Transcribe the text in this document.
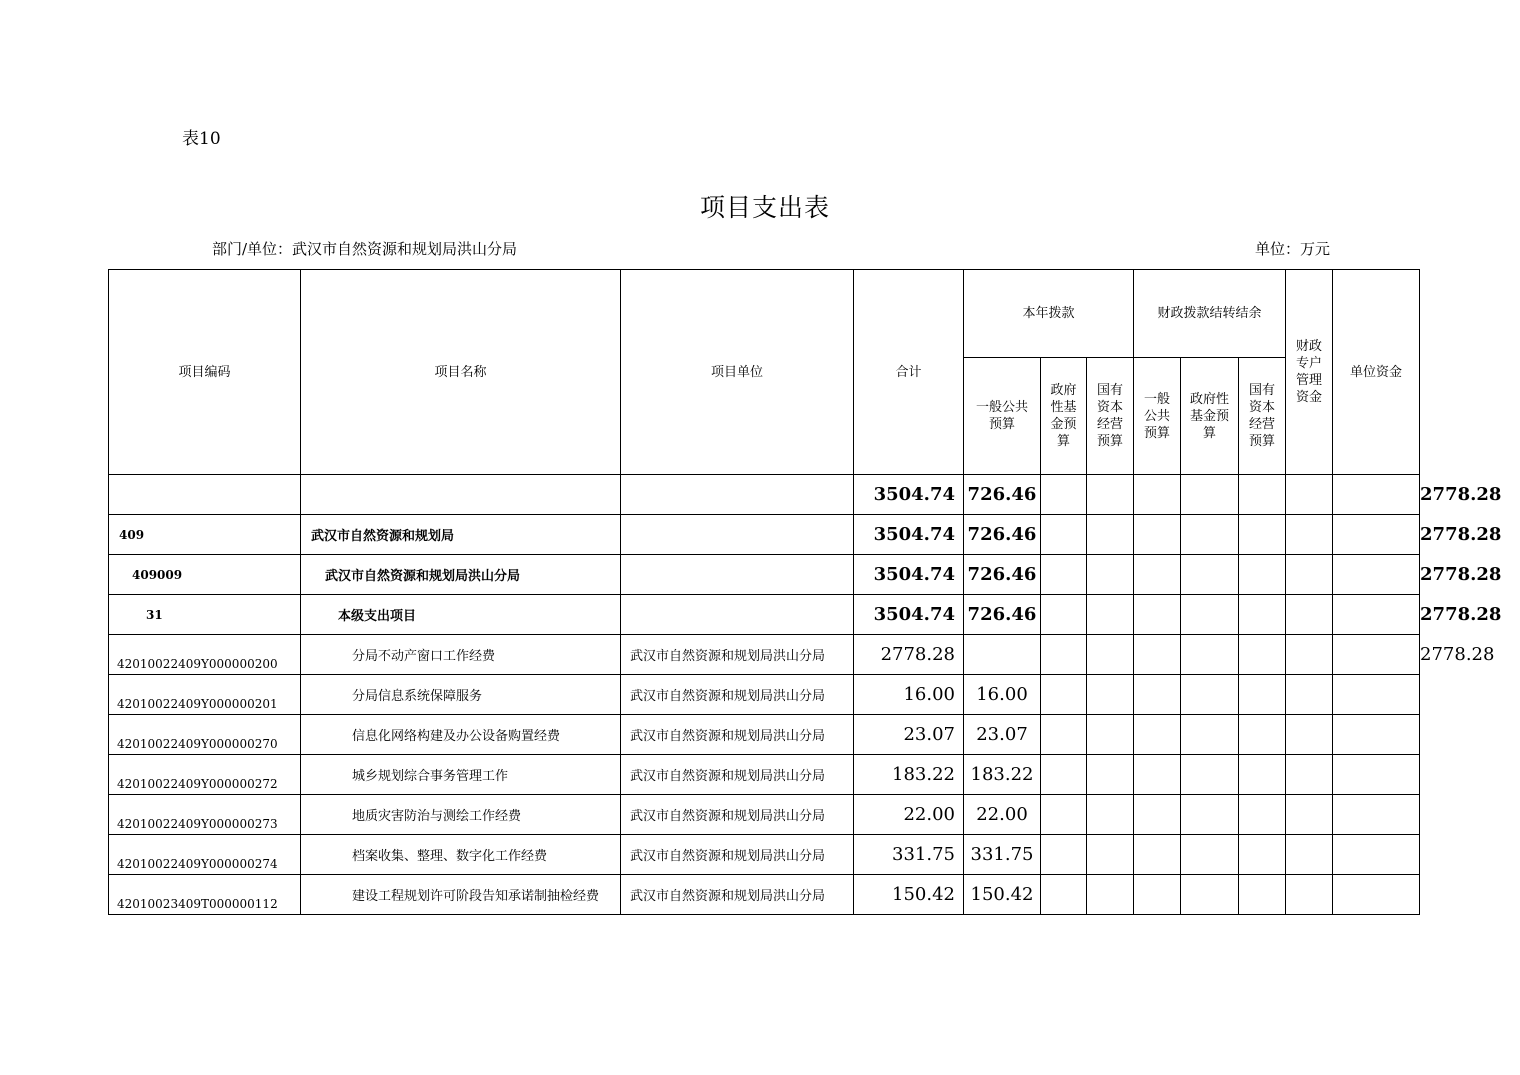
表10
项目支出表
部门/单位：武汉市自然资源和规划局洪山分局	单位：万元
项目编码	项目名称	项目单位	合计	本年拨款			财政拨款结转结余			财政专户管理资金	单位资金	
				一般公共预算	政府性基金预算	国有资本经营预算	一般公共预算	政府性基金预算	国有资本经营预算			
			3504.74	726.46								2778.28
409	武汉市自然资源和规划局		3504.74	726.46								2778.28
409009	武汉市自然资源和规划局洪山分局		3504.74	726.46								2778.28
31	本级支出项目		3504.74	726.46								2778.28
42010022409Y000000200	分局不动产窗口工作经费	武汉市自然资源和规划局洪山分局	2778.28									2778.28
42010022409Y000000201	分局信息系统保障服务	武汉市自然资源和规划局洪山分局	16.00	16.00								
42010022409Y000000270	信息化网络构建及办公设备购置经费	武汉市自然资源和规划局洪山分局	23.07	23.07								
42010022409Y000000272	城乡规划综合事务管理工作	武汉市自然资源和规划局洪山分局	183.22	183.22								
42010022409Y000000273	地质灾害防治与测绘工作经费	武汉市自然资源和规划局洪山分局	22.00	22.00								
42010022409Y000000274	档案收集、整理、数字化工作经费	武汉市自然资源和规划局洪山分局	331.75	331.75								
42010023409T000000112	建设工程规划许可阶段告知承诺制抽检经费	武汉市自然资源和规划局洪山分局	150.42	150.42								
